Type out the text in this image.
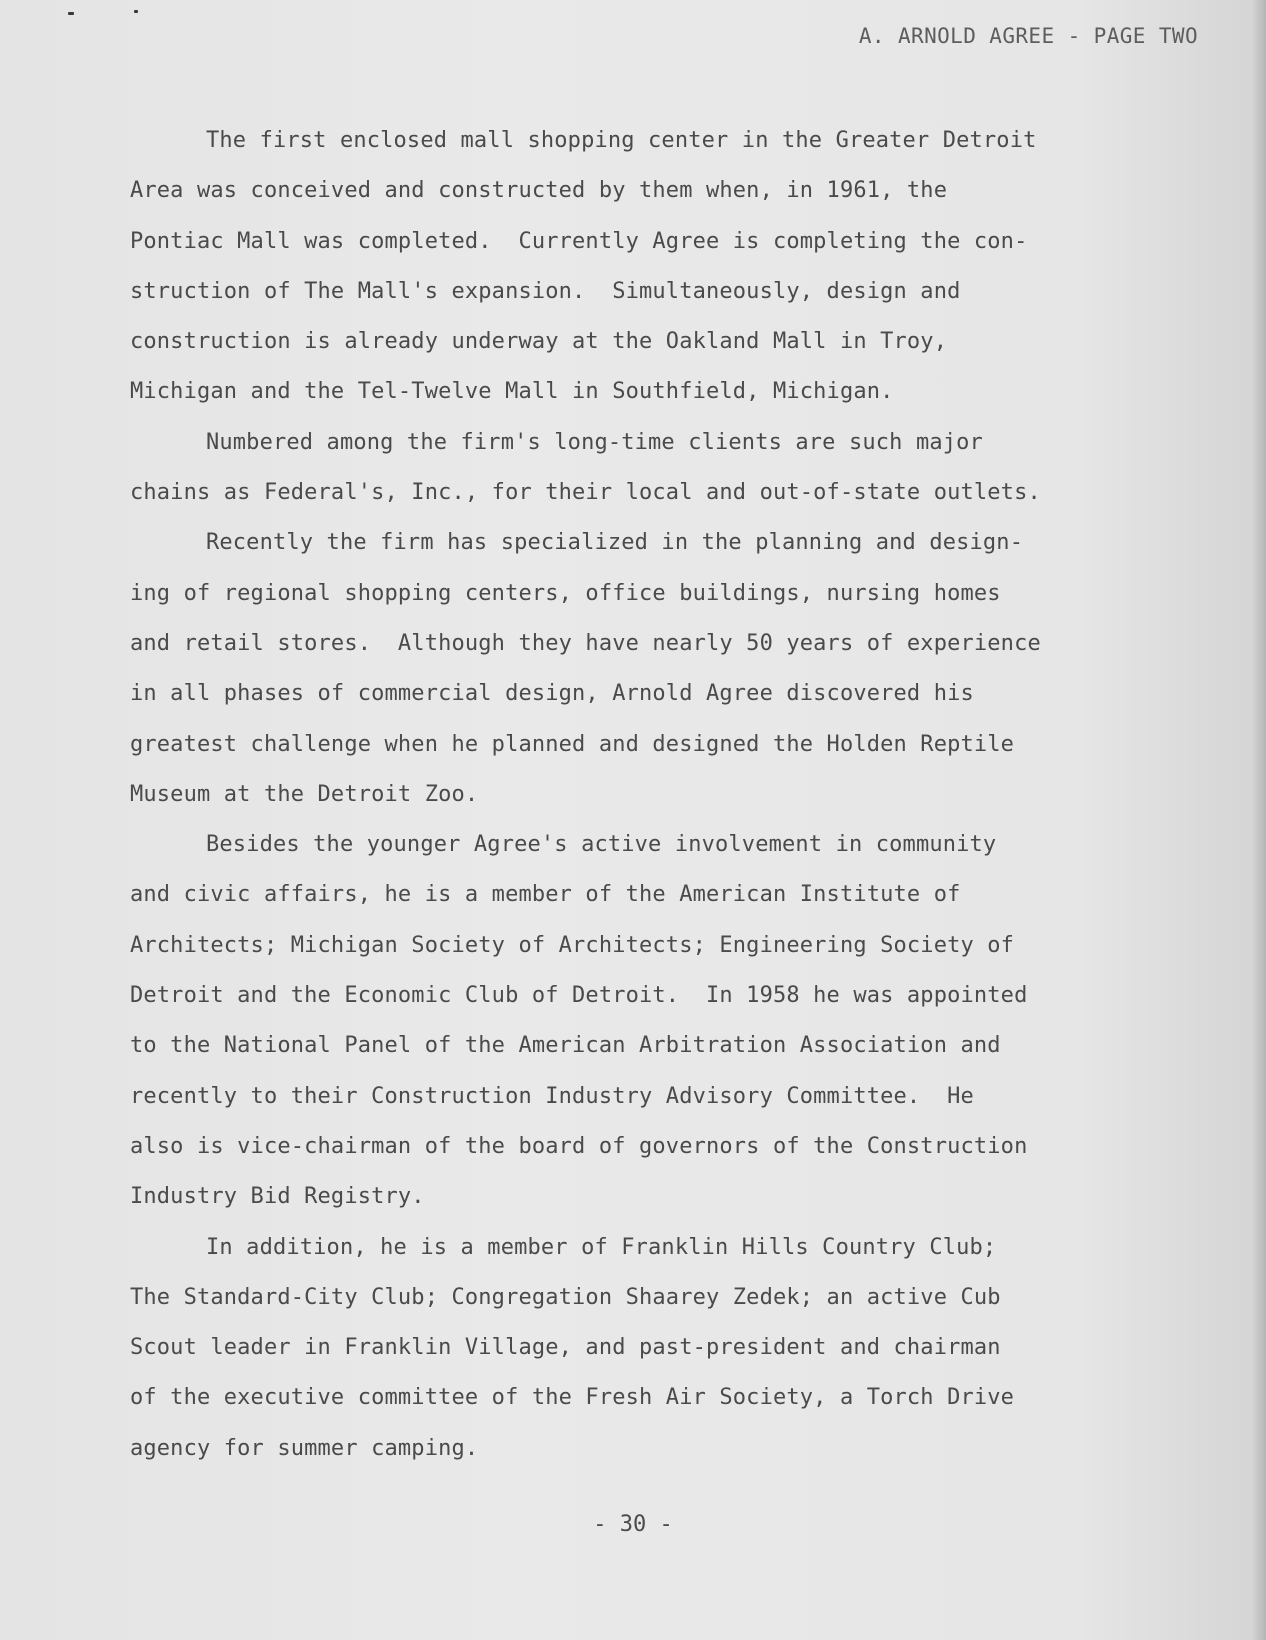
A. ARNOLD AGREE - PAGE TWO
The first enclosed mall shopping center in the Greater Detroit
Area was conceived and constructed by them when, in 1961, the
Pontiac Mall was completed.  Currently Agree is completing the con-
struction of The Mall's expansion.  Simultaneously, design and
construction is already underway at the Oakland Mall in Troy,
Michigan and the Tel-Twelve Mall in Southfield, Michigan.
Numbered among the firm's long-time clients are such major
chains as Federal's, Inc., for their local and out-of-state outlets.
Recently the firm has specialized in the planning and design-
ing of regional shopping centers, office buildings, nursing homes
and retail stores.  Although they have nearly 50 years of experience
in all phases of commercial design, Arnold Agree discovered his
greatest challenge when he planned and designed the Holden Reptile
Museum at the Detroit Zoo.
Besides the younger Agree's active involvement in community
and civic affairs, he is a member of the American Institute of
Architects; Michigan Society of Architects; Engineering Society of
Detroit and the Economic Club of Detroit.  In 1958 he was appointed
to the National Panel of the American Arbitration Association and
recently to their Construction Industry Advisory Committee.  He
also is vice-chairman of the board of governors of the Construction
Industry Bid Registry.
In addition, he is a member of Franklin Hills Country Club;
The Standard-City Club; Congregation Shaarey Zedek; an active Cub
Scout leader in Franklin Village, and past-president and chairman
of the executive committee of the Fresh Air Society, a Torch Drive
agency for summer camping.
- 30 -
